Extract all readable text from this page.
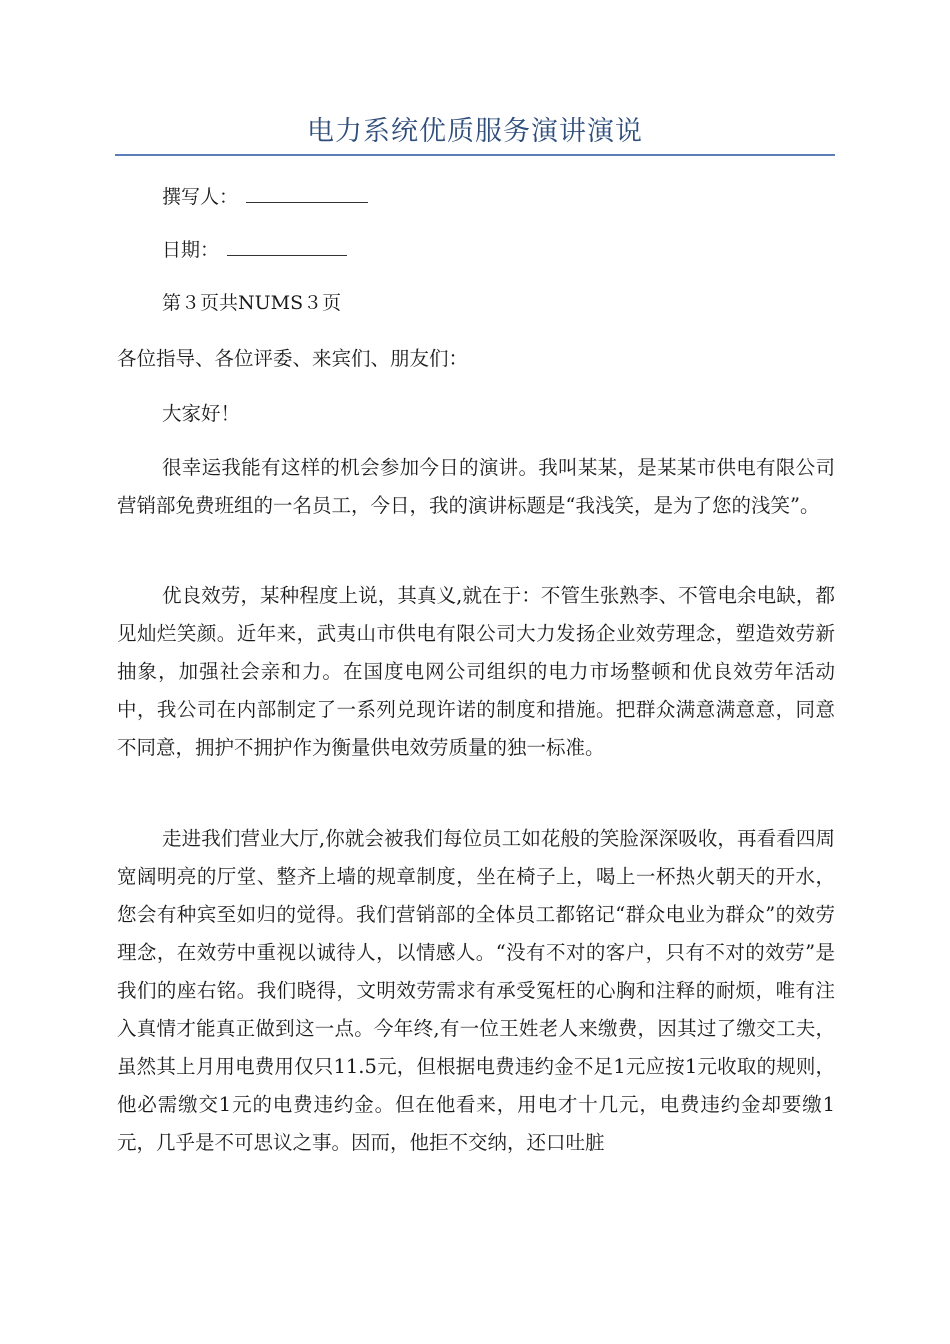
电力系统优质服务演讲演说
撰写人：
日期：
第３页共NUMS３页
各位指导、各位评委、来宾们、朋友们：
大家好！
很幸运我能有这样的机会参加今日的演讲。我叫某某，是某某市供电有限公司营销部免费班组的一名员工，今日，我的演讲标题是“我浅笑，是为了您的浅笑”。
优良效劳，某种程度上说，其真义,就在于：不管生张熟李、不管电余电缺，都见灿烂笑颜。近年来，武夷山市供电有限公司大力发扬企业效劳理念，塑造效劳新抽象，加强社会亲和力。在国度电网公司组织的电力市场整顿和优良效劳年活动中，我公司在内部制定了一系列兑现许诺的制度和措施。把群众满意满意意，同意不同意，拥护不拥护作为衡量供电效劳质量的独一标准。
走进我们营业大厅,你就会被我们每位员工如花般的笑脸深深吸收，再看看四周宽阔明亮的厅堂、整齐上墙的规章制度，坐在椅子上，喝上一杯热火朝天的开水，您会有种宾至如归的觉得。我们营销部的全体员工都铭记“群众电业为群众”的效劳理念，在效劳中重视以诚待人，以情感人。“没有不对的客户，只有不对的效劳”是我们的座右铭。我们晓得，文明效劳需求有承受冤枉的心胸和注释的耐烦，唯有注入真情才能真正做到这一点。今年终,有一位王姓老人来缴费，因其过了缴交工夫，虽然其上月用电费用仅只11.5元，但根据电费违约金不足1元应按1元收取的规则，他必需缴交1元的电费违约金。但在他看来，用电才十几元，电费违约金却要缴1元，几乎是不可思议之事。因而，他拒不交纳，还口吐脏
